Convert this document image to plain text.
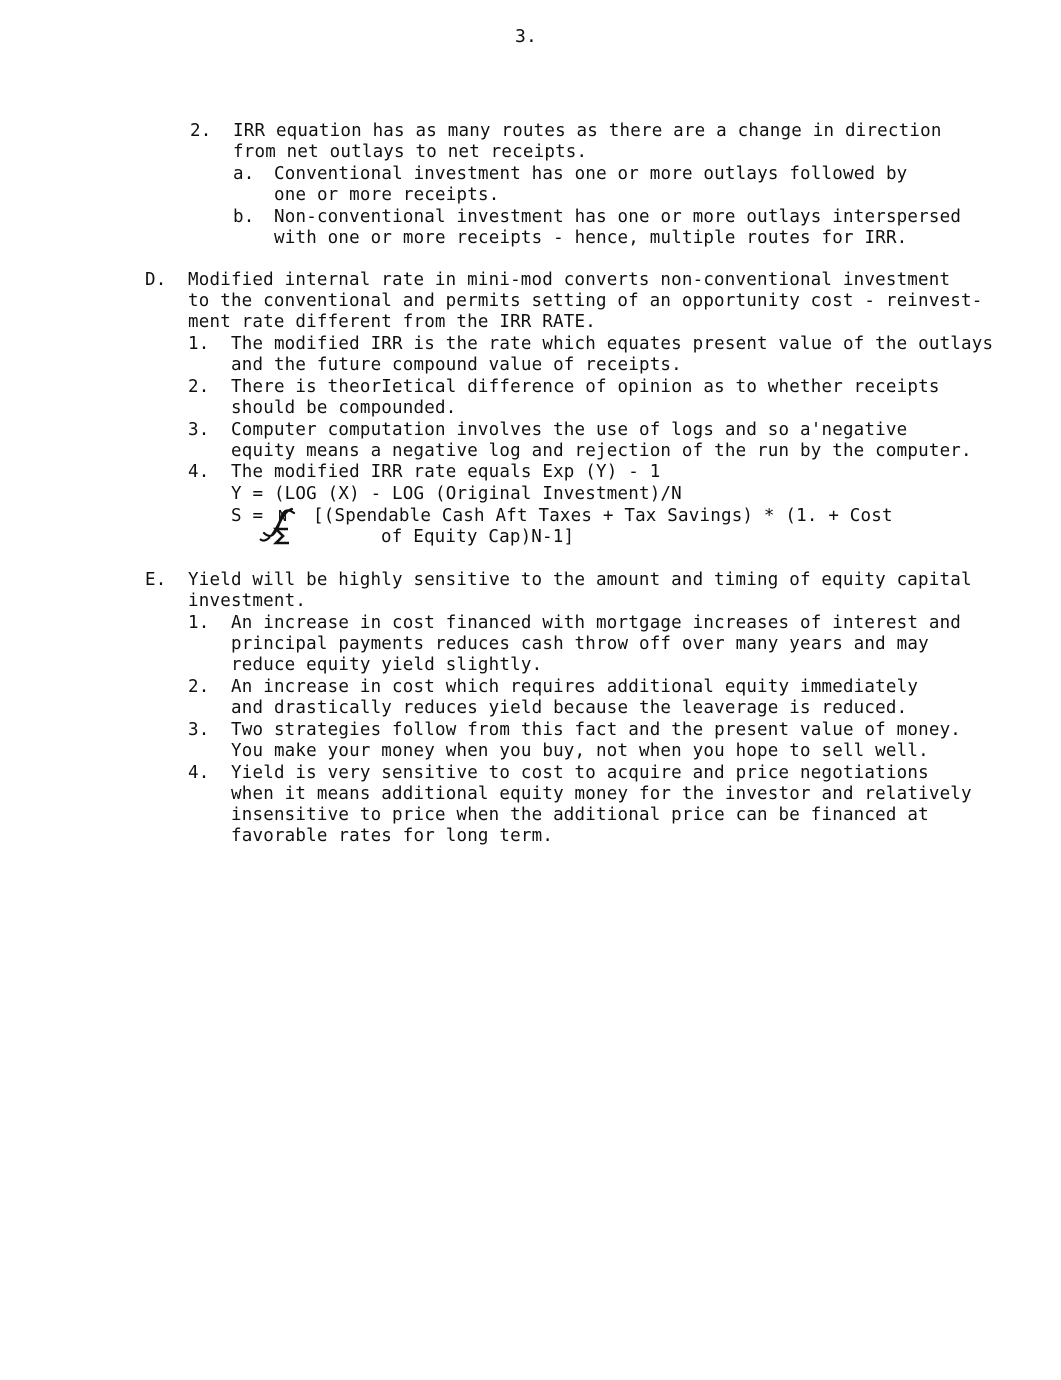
3.
2. IRR equation has as many routes as there are a change in direction
from net outlays to net receipts.
a. Conventional investment has one or more outlays followed by
one or more receipts.
b. Non-conventional investment has one or more outlays interspersed
with one or more receipts - hence, multiple routes for IRR.
D. Modified internal rate in mini-mod converts non-conventional investment
to the conventional and permits setting of an opportunity cost - reinvest-
ment rate different from the IRR RATE.
1. The modified IRR is the rate which equates present value of the outlays
and the future compound value of receipts.
2. There is theorIetical difference of opinion as to whether receipts
should be compounded.
3. Computer computation involves the use of logs and so a'negative
equity means a negative log and rejection of the run by the computer.
4. The modified IRR rate equals Exp (Y) - 1
Y = (LOG (X) - LOG (Original Investment)/N
S = N [(Spendable Cash Aft Taxes + Tax Savings) * (1. + Cost
of Equity Cap)N-1]
E. Yield will be highly sensitive to the amount and timing of equity capital
investment.
1. An increase in cost financed with mortgage increases of interest and
principal payments reduces cash throw off over many years and may
reduce equity yield slightly.
2. An increase in cost which requires additional equity immediately
and drastically reduces yield because the leaverage is reduced.
3. Two strategies follow from this fact and the present value of money.
You make your money when you buy, not when you hope to sell well.
4. Yield is very sensitive to cost to acquire and price negotiations
when it means additional equity money for the investor and relatively
insensitive to price when the additional price can be financed at
favorable rates for long term.
